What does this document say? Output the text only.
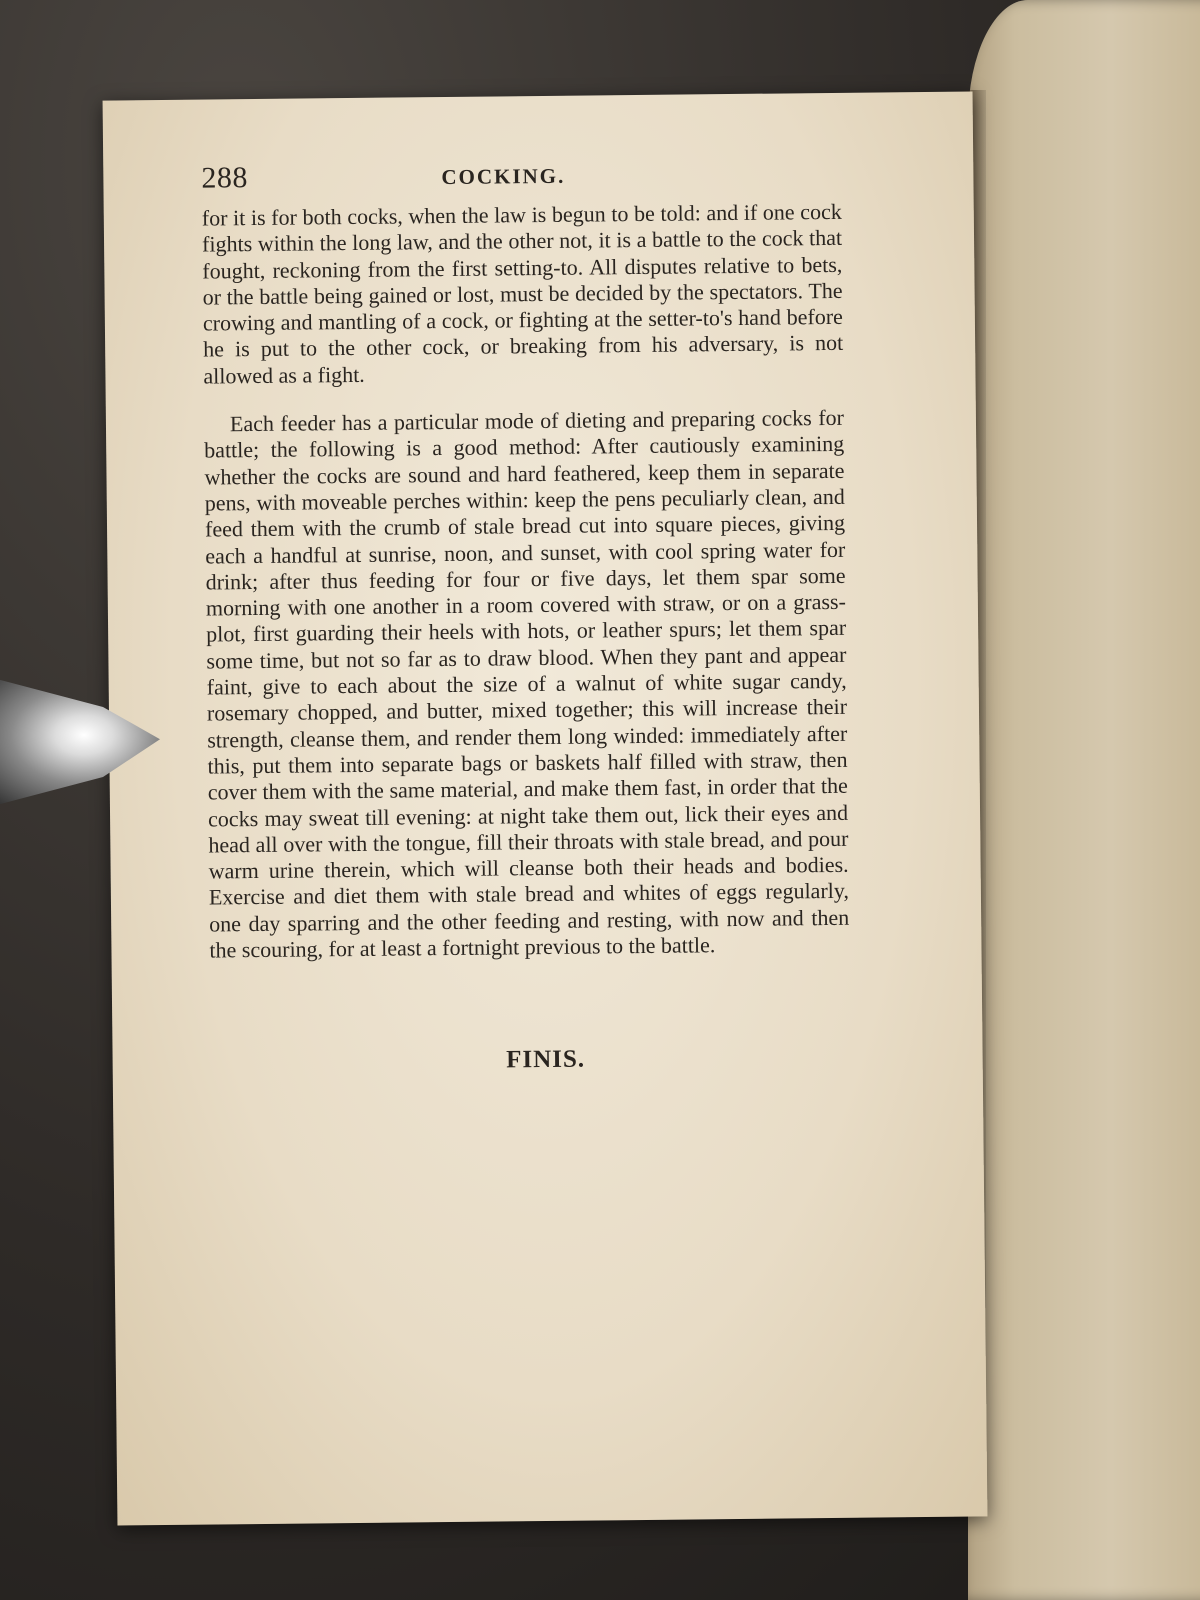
288	COCKING.

for it is for both cocks, when the law is begun to be told: and if one cock fights within the long law, and the other not, it is a battle to the cock that fought, reckoning from the first setting-to. All disputes relative to bets, or the battle being gained or lost, must be decided by the spectators. The crowing and mantling of a cock, or fighting at the setter-to's hand before he is put to the other cock, or breaking from his adversary, is not allowed as a fight.

Each feeder has a particular mode of dieting and preparing cocks for battle; the following is a good method: After cautiously examining whether the cocks are sound and hard feathered, keep them in separate pens, with moveable perches within: keep the pens peculiarly clean, and feed them with the crumb of stale bread cut into square pieces, giving each a handful at sunrise, noon, and sunset, with cool spring water for drink; after thus feeding for four or five days, let them spar some morning with one another in a room covered with straw, or on a grass-plot, first guarding their heels with hots, or leather spurs; let them spar some time, but not so far as to draw blood. When they pant and appear faint, give to each about the size of a walnut of white sugar candy, rosemary chopped, and butter, mixed together; this will increase their strength, cleanse them, and render them long winded: immediately after this, put them into separate bags or baskets half filled with straw, then cover them with the same material, and make them fast, in order that the cocks may sweat till evening: at night take them out, lick their eyes and head all over with the tongue, fill their throats with stale bread, and pour warm urine therein, which will cleanse both their heads and bodies. Exercise and diet them with stale bread and whites of eggs regularly, one day sparring and the other feeding and resting, with now and then the scouring, for at least a fortnight previous to the battle.

FINIS.
